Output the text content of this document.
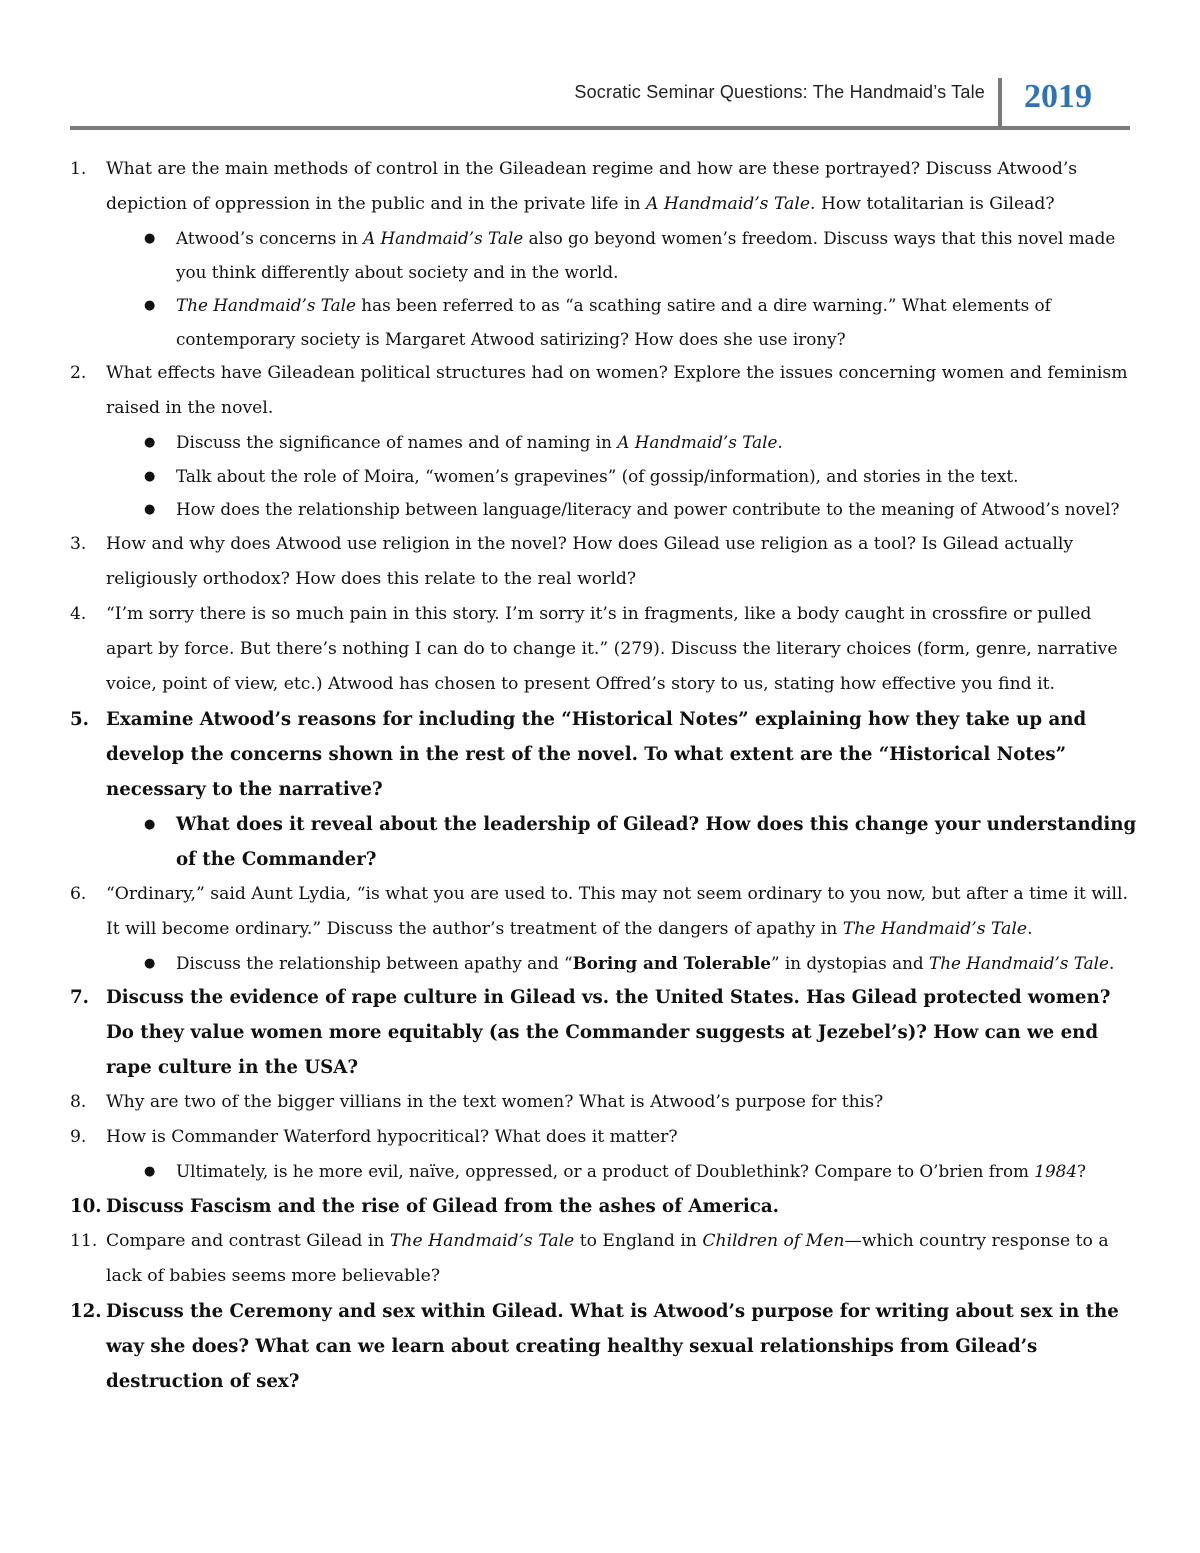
Socratic Seminar Questions: The Handmaid’s Tale 2019
1. What are the main methods of control in the Gileadean regime and how are these portrayed? Discuss Atwood’s depiction of oppression in the public and in the private life in A Handmaid’s Tale. How totalitarian is Gilead?
● Atwood’s concerns in A Handmaid’s Tale also go beyond women’s freedom. Discuss ways that this novel made you think differently about society and in the world.
● The Handmaid’s Tale has been referred to as “a scathing satire and a dire warning.” What elements of contemporary society is Margaret Atwood satirizing? How does she use irony?
2. What effects have Gileadean political structures had on women? Explore the issues concerning women and feminism raised in the novel.
● Discuss the significance of names and of naming in A Handmaid’s Tale.
● Talk about the role of Moira, “women’s grapevines” (of gossip/information), and stories in the text.
● How does the relationship between language/literacy and power contribute to the meaning of Atwood’s novel?
3. How and why does Atwood use religion in the novel? How does Gilead use religion as a tool? Is Gilead actually religiously orthodox? How does this relate to the real world?
4. “I’m sorry there is so much pain in this story. I’m sorry it’s in fragments, like a body caught in crossfire or pulled apart by force. But there’s nothing I can do to change it.” (279). Discuss the literary choices (form, genre, narrative voice, point of view, etc.) Atwood has chosen to present Offred’s story to us, stating how effective you find it.
5. Examine Atwood’s reasons for including the “Historical Notes” explaining how they take up and develop the concerns shown in the rest of the novel. To what extent are the “Historical Notes” necessary to the narrative?
● What does it reveal about the leadership of Gilead? How does this change your understanding of the Commander?
6. “Ordinary,” said Aunt Lydia, “is what you are used to. This may not seem ordinary to you now, but after a time it will. It will become ordinary.” Discuss the author’s treatment of the dangers of apathy in The Handmaid’s Tale.
● Discuss the relationship between apathy and “Boring and Tolerable” in dystopias and The Handmaid’s Tale.
7. Discuss the evidence of rape culture in Gilead vs. the United States. Has Gilead protected women? Do they value women more equitably (as the Commander suggests at Jezebel’s)? How can we end rape culture in the USA?
8. Why are two of the bigger villians in the text women? What is Atwood’s purpose for this?
9. How is Commander Waterford hypocritical? What does it matter?
● Ultimately, is he more evil, naïve, oppressed, or a product of Doublethink? Compare to O’brien from 1984?
10. Discuss Fascism and the rise of Gilead from the ashes of America.
11. Compare and contrast Gilead in The Handmaid’s Tale to England in Children of Men—which country response to a lack of babies seems more believable?
12. Discuss the Ceremony and sex within Gilead. What is Atwood’s purpose for writing about sex in the way she does? What can we learn about creating healthy sexual relationships from Gilead’s destruction of sex?
